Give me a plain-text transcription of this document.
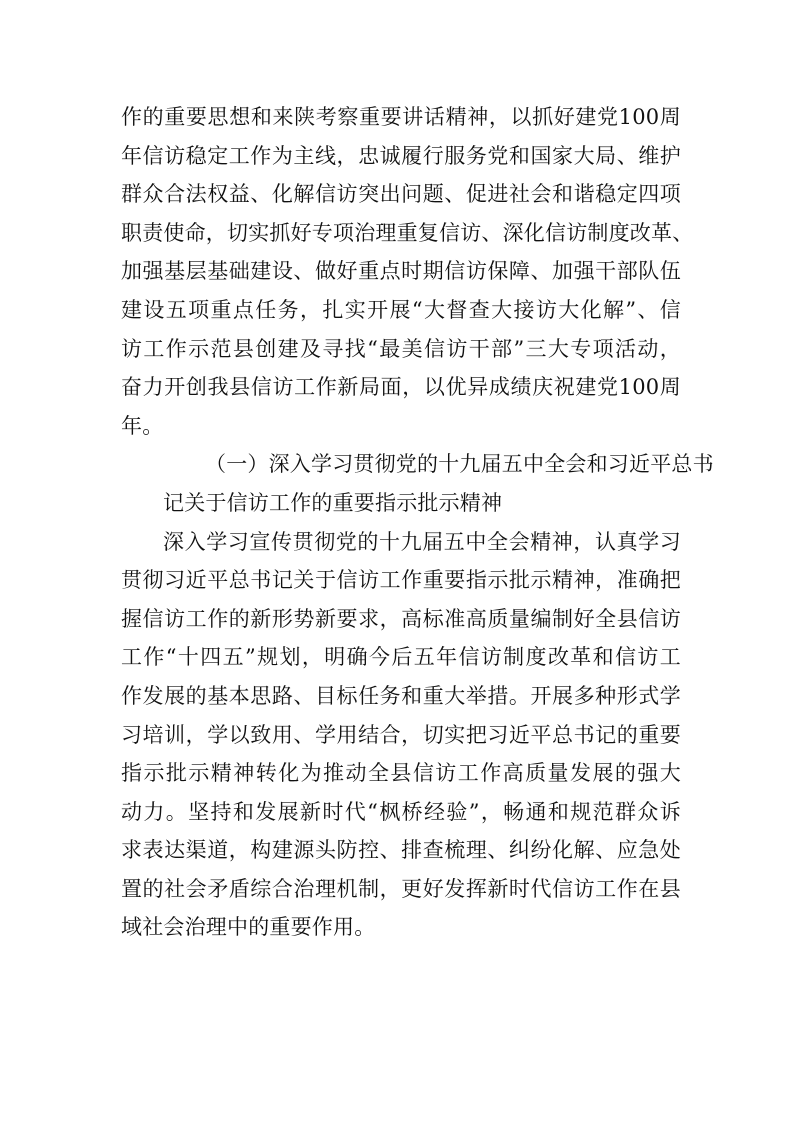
作的重要思想和来陕考察重要讲话精神，以抓好建党100周
年信访稳定工作为主线，忠诚履行服务党和国家大局、维护
群众合法权益、化解信访突出问题、促进社会和谐稳定四项
职责使命，切实抓好专项治理重复信访、深化信访制度改革、
加强基层基础建设、做好重点时期信访保障、加强干部队伍
建设五项重点任务，扎实开展“大督查大接访大化解”、信
访工作示范县创建及寻找“最美信访干部”三大专项活动，
奋力开创我县信访工作新局面，以优异成绩庆祝建党100周
年。

（一）深入学习贯彻党的十九届五中全会和习近平总书
记关于信访工作的重要指示批示精神

深入学习宣传贯彻党的十九届五中全会精神，认真学习
贯彻习近平总书记关于信访工作重要指示批示精神，准确把
握信访工作的新形势新要求，高标准高质量编制好全县信访
工作“十四五”规划，明确今后五年信访制度改革和信访工
作发展的基本思路、目标任务和重大举措。开展多种形式学
习培训，学以致用、学用结合，切实把习近平总书记的重要
指示批示精神转化为推动全县信访工作高质量发展的强大
动力。坚持和发展新时代“枫桥经验”，畅通和规范群众诉
求表达渠道，构建源头防控、排查梳理、纠纷化解、应急处
置的社会矛盾综合治理机制，更好发挥新时代信访工作在县
域社会治理中的重要作用。
